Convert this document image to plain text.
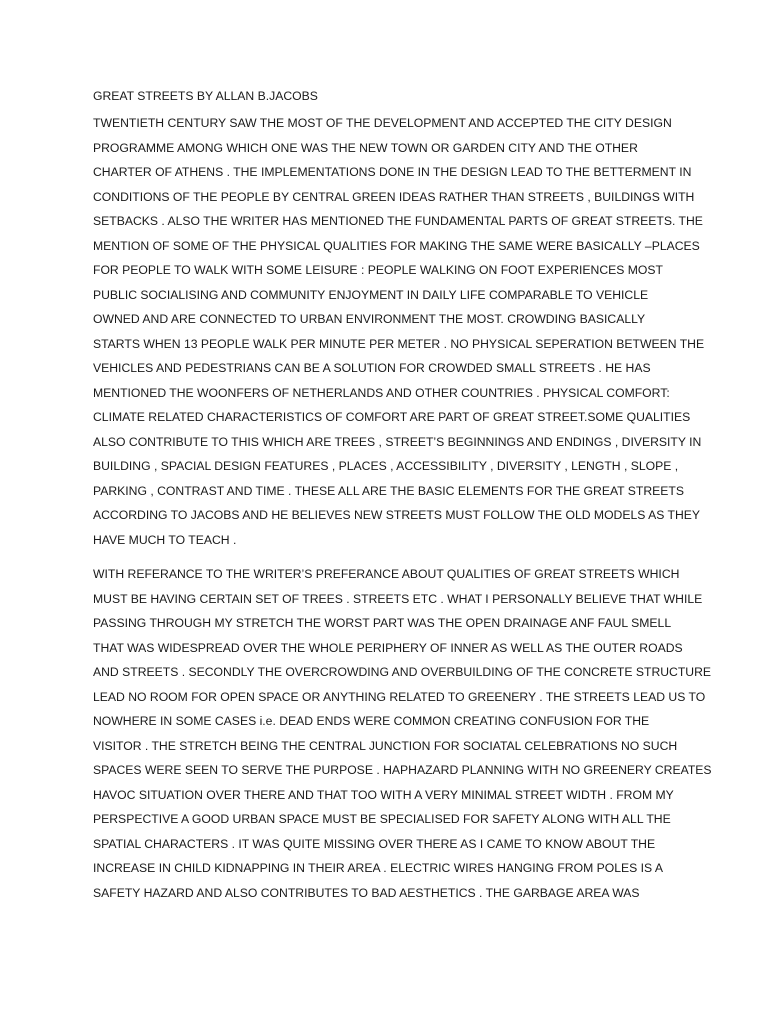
GREAT STREETS BY ALLAN B.JACOBS
TWENTIETH CENTURY SAW THE MOST OF THE DEVELOPMENT AND ACCEPTED THE CITY DESIGN
PROGRAMME AMONG WHICH ONE WAS THE NEW TOWN OR GARDEN CITY AND THE OTHER
CHARTER OF ATHENS . THE IMPLEMENTATIONS DONE IN THE DESIGN LEAD TO THE BETTERMENT IN
CONDITIONS OF THE PEOPLE BY CENTRAL GREEN IDEAS RATHER THAN STREETS , BUILDINGS WITH
SETBACKS . ALSO THE WRITER HAS MENTIONED THE FUNDAMENTAL PARTS OF GREAT STREETS. THE
MENTION OF SOME OF THE PHYSICAL QUALITIES FOR MAKING THE SAME WERE BASICALLY –PLACES
FOR PEOPLE TO WALK WITH SOME LEISURE : PEOPLE WALKING ON FOOT EXPERIENCES MOST
PUBLIC SOCIALISING AND COMMUNITY ENJOYMENT IN DAILY LIFE COMPARABLE TO VEHICLE
OWNED AND ARE CONNECTED TO URBAN ENVIRONMENT THE MOST. CROWDING BASICALLY
STARTS WHEN 13 PEOPLE WALK PER MINUTE PER METER . NO PHYSICAL SEPERATION BETWEEN THE
VEHICLES AND PEDESTRIANS CAN BE A SOLUTION FOR CROWDED SMALL STREETS . HE HAS
MENTIONED THE WOONFERS OF NETHERLANDS AND OTHER COUNTRIES . PHYSICAL COMFORT:
CLIMATE RELATED CHARACTERISTICS OF COMFORT ARE PART OF GREAT STREET.SOME QUALITIES
ALSO CONTRIBUTE TO THIS WHICH ARE TREES , STREET’S BEGINNINGS AND ENDINGS , DIVERSITY IN
BUILDING , SPACIAL DESIGN FEATURES , PLACES , ACCESSIBILITY , DIVERSITY , LENGTH , SLOPE ,
PARKING , CONTRAST AND TIME . THESE ALL ARE THE BASIC ELEMENTS FOR THE GREAT STREETS
ACCORDING TO JACOBS AND HE BELIEVES NEW STREETS MUST FOLLOW THE OLD MODELS AS THEY
HAVE MUCH TO TEACH .
WITH REFERANCE TO THE WRITER’S PREFERANCE ABOUT QUALITIES OF GREAT STREETS WHICH
MUST BE HAVING CERTAIN SET OF TREES . STREETS ETC . WHAT I PERSONALLY BELIEVE THAT WHILE
PASSING THROUGH MY STRETCH THE WORST PART WAS THE OPEN DRAINAGE ANF FAUL SMELL
THAT WAS WIDESPREAD OVER THE WHOLE PERIPHERY OF INNER AS WELL AS THE OUTER ROADS
AND STREETS . SECONDLY THE OVERCROWDING AND OVERBUILDING OF THE CONCRETE STRUCTURE
LEAD NO ROOM FOR OPEN SPACE OR ANYTHING RELATED TO GREENERY . THE STREETS LEAD US TO
NOWHERE IN SOME CASES i.e. DEAD ENDS WERE COMMON CREATING CONFUSION FOR THE
VISITOR . THE STRETCH BEING THE CENTRAL JUNCTION FOR SOCIATAL CELEBRATIONS NO SUCH
SPACES WERE SEEN TO SERVE THE PURPOSE . HAPHAZARD PLANNING WITH NO GREENERY CREATES
HAVOC SITUATION OVER THERE AND THAT TOO WITH A VERY MINIMAL STREET WIDTH . FROM MY
PERSPECTIVE A GOOD URBAN SPACE MUST BE SPECIALISED FOR SAFETY ALONG WITH ALL THE
SPATIAL CHARACTERS . IT WAS QUITE MISSING OVER THERE AS I CAME TO KNOW ABOUT THE
INCREASE IN CHILD KIDNAPPING IN THEIR AREA . ELECTRIC WIRES HANGING FROM POLES IS A
SAFETY HAZARD AND ALSO CONTRIBUTES TO BAD AESTHETICS . THE GARBAGE AREA WAS
